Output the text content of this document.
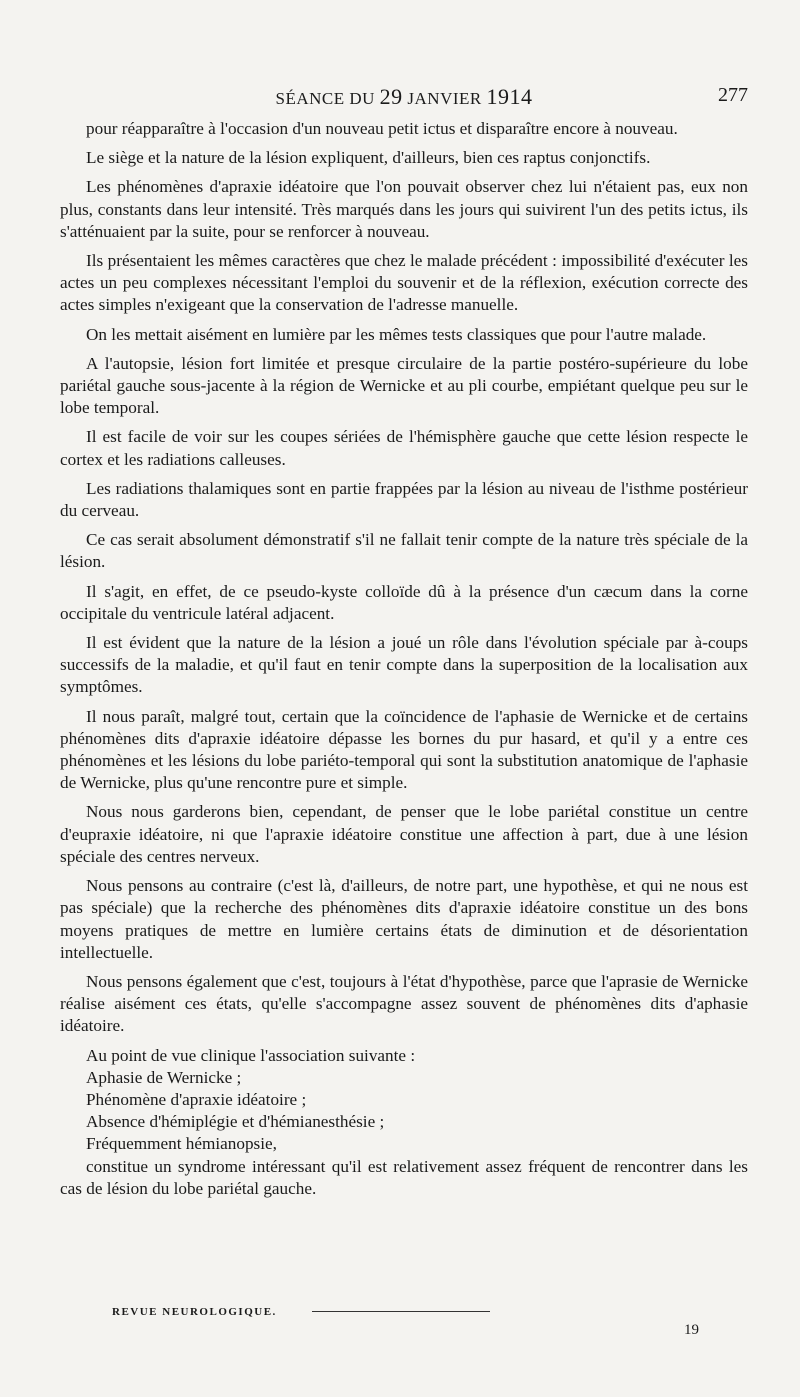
SÉANCE DU 29 JANVIER 1914	277

pour réapparaître à l'occasion d'un nouveau petit ictus et disparaître encore à nouveau.

Le siège et la nature de la lésion expliquent, d'ailleurs, bien ces raptus conjonctifs.

Les phénomènes d'apraxie idéatoire que l'on pouvait observer chez lui n'étaient pas, eux non plus, constants dans leur intensité. Très marqués dans les jours qui suivirent l'un des petits ictus, ils s'atténuaient par la suite, pour se renforcer à nouveau.

Ils présentaient les mêmes caractères que chez le malade précédent : impossibilité d'exécuter les actes un peu complexes nécessitant l'emploi du souvenir et de la réflexion, exécution correcte des actes simples n'exigeant que la conservation de l'adresse manuelle.

On les mettait aisément en lumière par les mêmes tests classiques que pour l'autre malade.

A l'autopsie, lésion fort limitée et presque circulaire de la partie postéro-supérieure du lobe pariétal gauche sous-jacente à la région de Wernicke et au pli courbe, empiétant quelque peu sur le lobe temporal.

Il est facile de voir sur les coupes sériées de l'hémisphère gauche que cette lésion respecte le cortex et les radiations calleuses.

Les radiations thalamiques sont en partie frappées par la lésion au niveau de l'isthme postérieur du cerveau.

Ce cas serait absolument démonstratif s'il ne fallait tenir compte de la nature très spéciale de la lésion.

Il s'agit, en effet, de ce pseudo-kyste colloïde dû à la présence d'un cæcum dans la corne occipitale du ventricule latéral adjacent.

Il est évident que la nature de la lésion a joué un rôle dans l'évolution spéciale par à-coups successifs de la maladie, et qu'il faut en tenir compte dans la superposition de la localisation aux symptômes.

Il nous paraît, malgré tout, certain que la coïncidence de l'aphasie de Wernicke et de certains phénomènes dits d'apraxie idéatoire dépasse les bornes du pur hasard, et qu'il y a entre ces phénomènes et les lésions du lobe pariéto-temporal qui sont la substitution anatomique de l'aphasie de Wernicke, plus qu'une rencontre pure et simple.

Nous nous garderons bien, cependant, de penser que le lobe pariétal constitue un centre d'eupraxie idéatoire, ni que l'apraxie idéatoire constitue une affection à part, due à une lésion spéciale des centres nerveux.

Nous pensons au contraire (c'est là, d'ailleurs, de notre part, une hypothèse, et qui ne nous est pas spéciale) que la recherche des phénomènes dits d'apraxie idéatoire constitue un des bons moyens pratiques de mettre en lumière certains états de diminution et de désorientation intellectuelle.

Nous pensons également que c'est, toujours à l'état d'hypothèse, parce que l'aprasie de Wernicke réalise aisément ces états, qu'elle s'accompagne assez souvent de phénomènes dits d'aphasie idéatoire.

Au point de vue clinique l'association suivante :

Aphasie de Wernicke ;

Phénomène d'apraxie idéatoire ;

Absence d'hémiplégie et d'hémianesthésie ;

Fréquemment hémianopsie,

constitue un syndrome intéressant qu'il est relativement assez fréquent de rencontrer dans les cas de lésion du lobe pariétal gauche.

REVUE NEUROLOGIQUE.
19
